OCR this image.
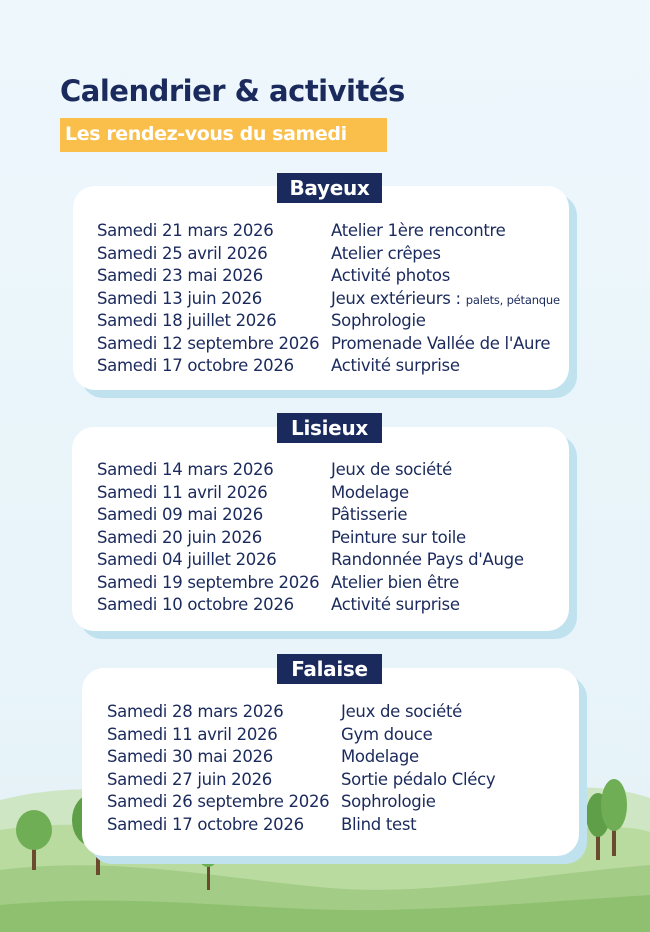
Calendrier & activités
Les rendez-vous du samedi
Bayeux
Samedi 21 mars 2026	Atelier 1ère rencontre
Samedi 25 avril 2026	Atelier crêpes
Samedi 23 mai 2026	Activité photos
Samedi 13 juin 2026	Jeux extérieurs : palets, pétanque
Samedi 18 juillet 2026	Sophrologie
Samedi 12 septembre 2026 Promenade Vallée de l'Aure
Samedi 17 octobre 2026 Activité surprise
Lisieux
Samedi 14 mars 2026	Jeux de société
Samedi 11 avril 2026	Modelage
Samedi 09 mai 2026	Pâtisserie
Samedi 20 juin 2026	Peinture sur toile
Samedi 04 juillet 2026	Randonnée Pays d'Auge
Samedi 19 septembre 2026 Atelier bien être
Samedi 10 octobre 2026 Activité surprise
Falaise
Samedi 28 mars 2026	Jeux de société
Samedi 11 avril 2026	Gym douce
Samedi 30 mai 2026	Modelage
Samedi 27 juin 2026	Sortie pédalo Clécy
Samedi 26 septembre 2026 Sophrologie
Samedi 17 octobre 2026 Blind test
